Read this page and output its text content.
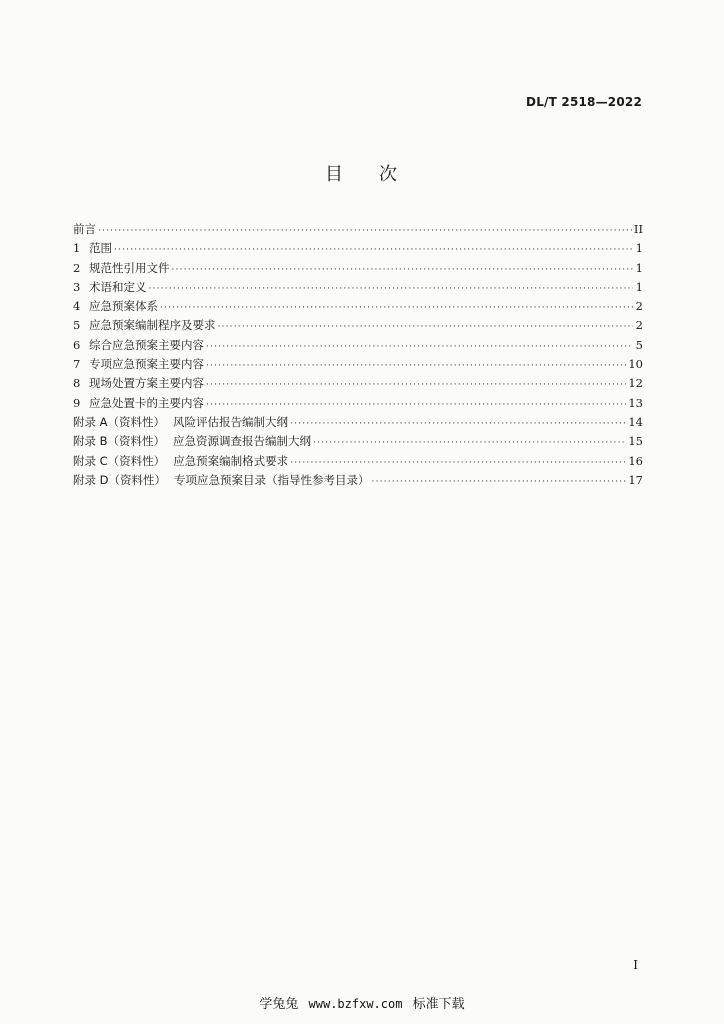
DL/T 2518—2022
目 次
前言 ·····	II
1 范围 ·····	1
2 规范性引用文件 ·····	1
3 术语和定义 ·····	1
4 应急预案体系 ·····	2
5 应急预案编制程序及要求 ·····	2
6 综合应急预案主要内容 ·····	5
7 专项应急预案主要内容 ·····	10
8 现场处置方案主要内容 ·····	12
9 应急处置卡的主要内容 ·····	13
附录 A（资料性） 风险评估报告编制大纲 ·····	14
附录 B（资料性） 应急资源调查报告编制大纲 ·····	15
附录 C（资料性） 应急预案编制格式要求 ·····	16
附录 D（资料性） 专项应急预案目录（指导性参考目录） ·····	17
I
学兔兔 www.bzfxw.com 标准下载
